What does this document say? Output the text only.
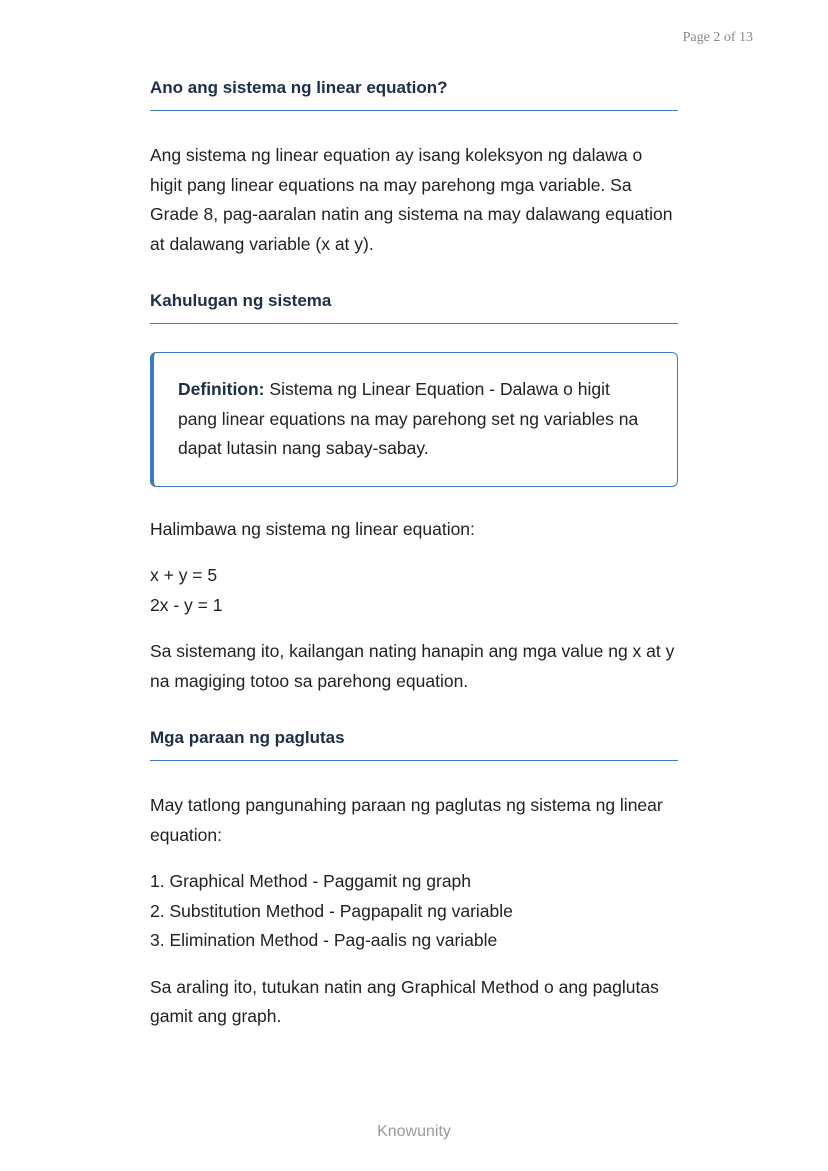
Page 2 of 13
Ano ang sistema ng linear equation?

Ang sistema ng linear equation ay isang koleksyon ng dalawa o higit pang linear equations na may parehong mga variable. Sa Grade 8, pag-aaralan natin ang sistema na may dalawang equation at dalawang variable (x at y).

Kahulugan ng sistema
Definition: Sistema ng Linear Equation - Dalawa o higit pang linear equations na may parehong set ng variables na dapat lutasin nang sabay-sabay.

Halimbawa ng sistema ng linear equation:

x + y = 5
2x - y = 1

Sa sistemang ito, kailangan nating hanapin ang mga value ng x at y na magiging totoo sa parehong equation.

Mga paraan ng paglutas

May tatlong pangunahing paraan ng paglutas ng sistema ng linear equation:

1. Graphical Method - Paggamit ng graph
2. Substitution Method - Pagpapalit ng variable
3. Elimination Method - Pag-aalis ng variable

Sa araling ito, tutukan natin ang Graphical Method o ang paglutas gamit ang graph.

Knowunity
